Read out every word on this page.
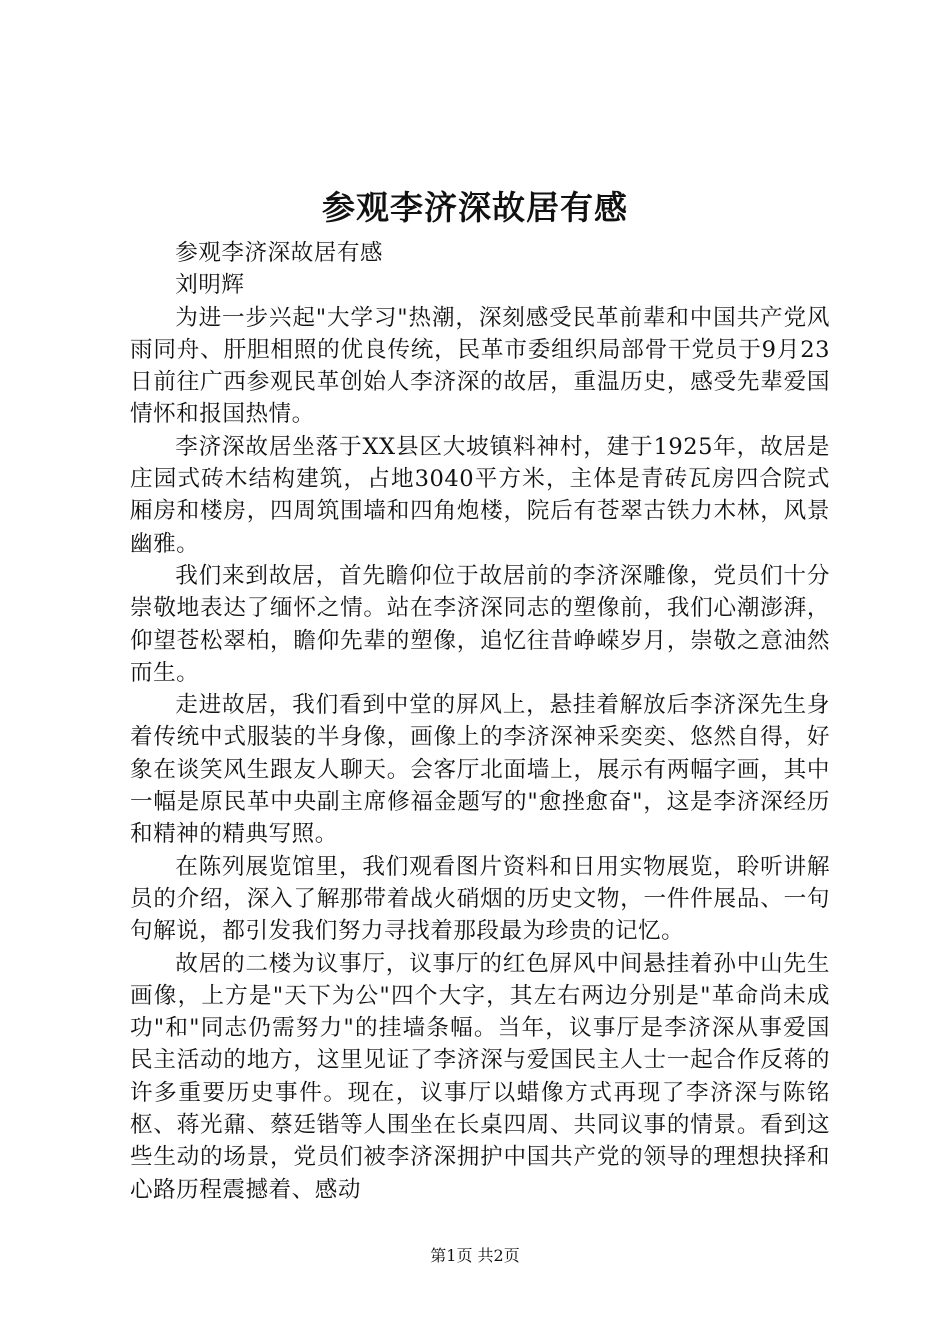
参观李济深故居有感

参观李济深故居有感

刘明辉

为进一步兴起"大学习"热潮，深刻感受民革前辈和中国共产党风雨同舟、肝胆相照的优良传统，民革市委组织局部骨干党员于9月23日前往广西参观民革创始人李济深的故居，重温历史，感受先辈爱国情怀和报国热情。

李济深故居坐落于XX县区大坡镇料神村，建于1925年，故居是庄园式砖木结构建筑，占地3040平方米，主体是青砖瓦房四合院式厢房和楼房，四周筑围墙和四角炮楼，院后有苍翠古铁力木林，风景幽雅。

我们来到故居，首先瞻仰位于故居前的李济深雕像，党员们十分崇敬地表达了缅怀之情。站在李济深同志的塑像前，我们心潮澎湃，仰望苍松翠柏，瞻仰先辈的塑像，追忆往昔峥嵘岁月，崇敬之意油然而生。

走进故居，我们看到中堂的屏风上，悬挂着解放后李济深先生身着传统中式服装的半身像，画像上的李济深神采奕奕、悠然自得，好象在谈笑风生跟友人聊天。会客厅北面墙上，展示有两幅字画，其中一幅是原民革中央副主席修福金题写的"愈挫愈奋"，这是李济深经历和精神的精典写照。

在陈列展览馆里，我们观看图片资料和日用实物展览，聆听讲解员的介绍，深入了解那带着战火硝烟的历史文物，一件件展品、一句句解说，都引发我们努力寻找着那段最为珍贵的记忆。

故居的二楼为议事厅，议事厅的红色屏风中间悬挂着孙中山先生画像，上方是"天下为公"四个大字，其左右两边分别是"革命尚未成功"和"同志仍需努力"的挂墙条幅。当年，议事厅是李济深从事爱国民主活动的地方，这里见证了李济深与爱国民主人士一起合作反蒋的许多重要历史事件。现在，议事厅以蜡像方式再现了李济深与陈铭枢、蒋光鼐、蔡廷锴等人围坐在长桌四周、共同议事的情景。看到这些生动的场景，党员们被李济深拥护中国共产党的领导的理想抉择和心路历程震撼着、感动

第1页 共2页
